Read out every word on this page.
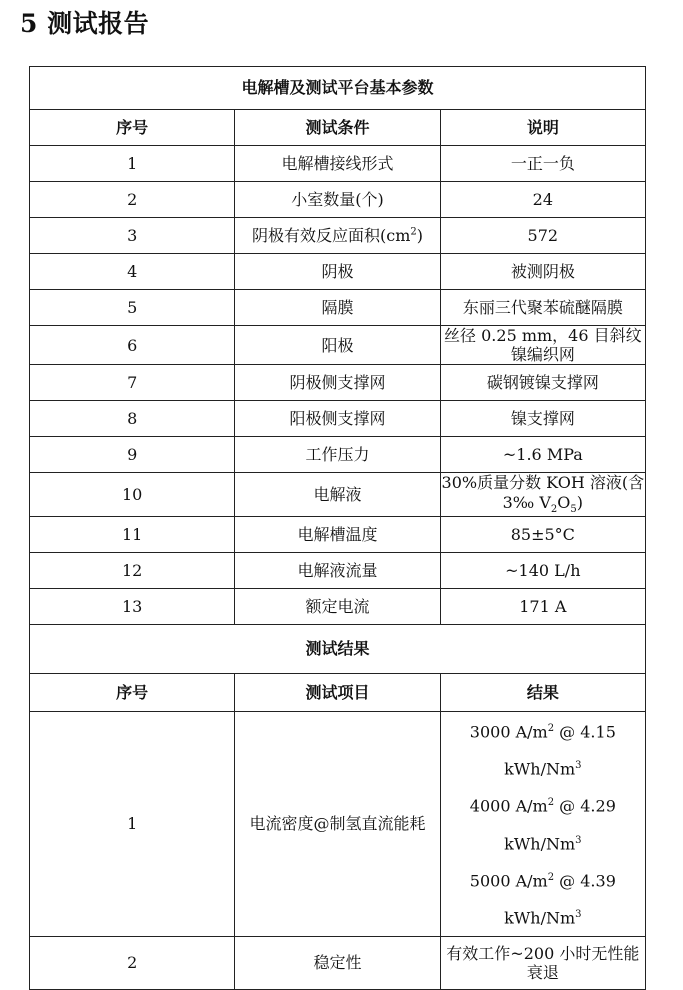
5 测试报告
电解槽及测试平台基本参数		
序号	测试条件	说明
1	电解槽接线形式	一正一负
2	小室数量(个)	24
3	阴极有效反应面积$(cm^2)$	572
4	阴极	被测阴极
5	隔膜	东丽三代聚苯硫醚隔膜
6	阳极	丝径 0.25 mm，46 目斜纹镍编织网
7	阴极侧支撑网	碳钢镀镍支撑网
8	阳极侧支撑网	镍支撑网
9	工作压力	~1.6 MPa
10	电解液	30%质量分数 KOH 溶液(含 3‰ $V_2O_5$)
11	电解槽温度	85±5°C
12	电解液流量	~140 L/h
13	额定电流	171 A
测试结果		
序号	测试项目	结果
1	电流密度@制氢直流能耗	3000 $A/m^2$ @ 4.15 kWh/Nm$^3$
4000 $A/m^2$ @ 4.29 kWh/Nm$^3$
5000 $A/m^2$ @ 4.39 kWh/Nm$^3$

2	稳定性	有效工作~200 小时无性能衰退
